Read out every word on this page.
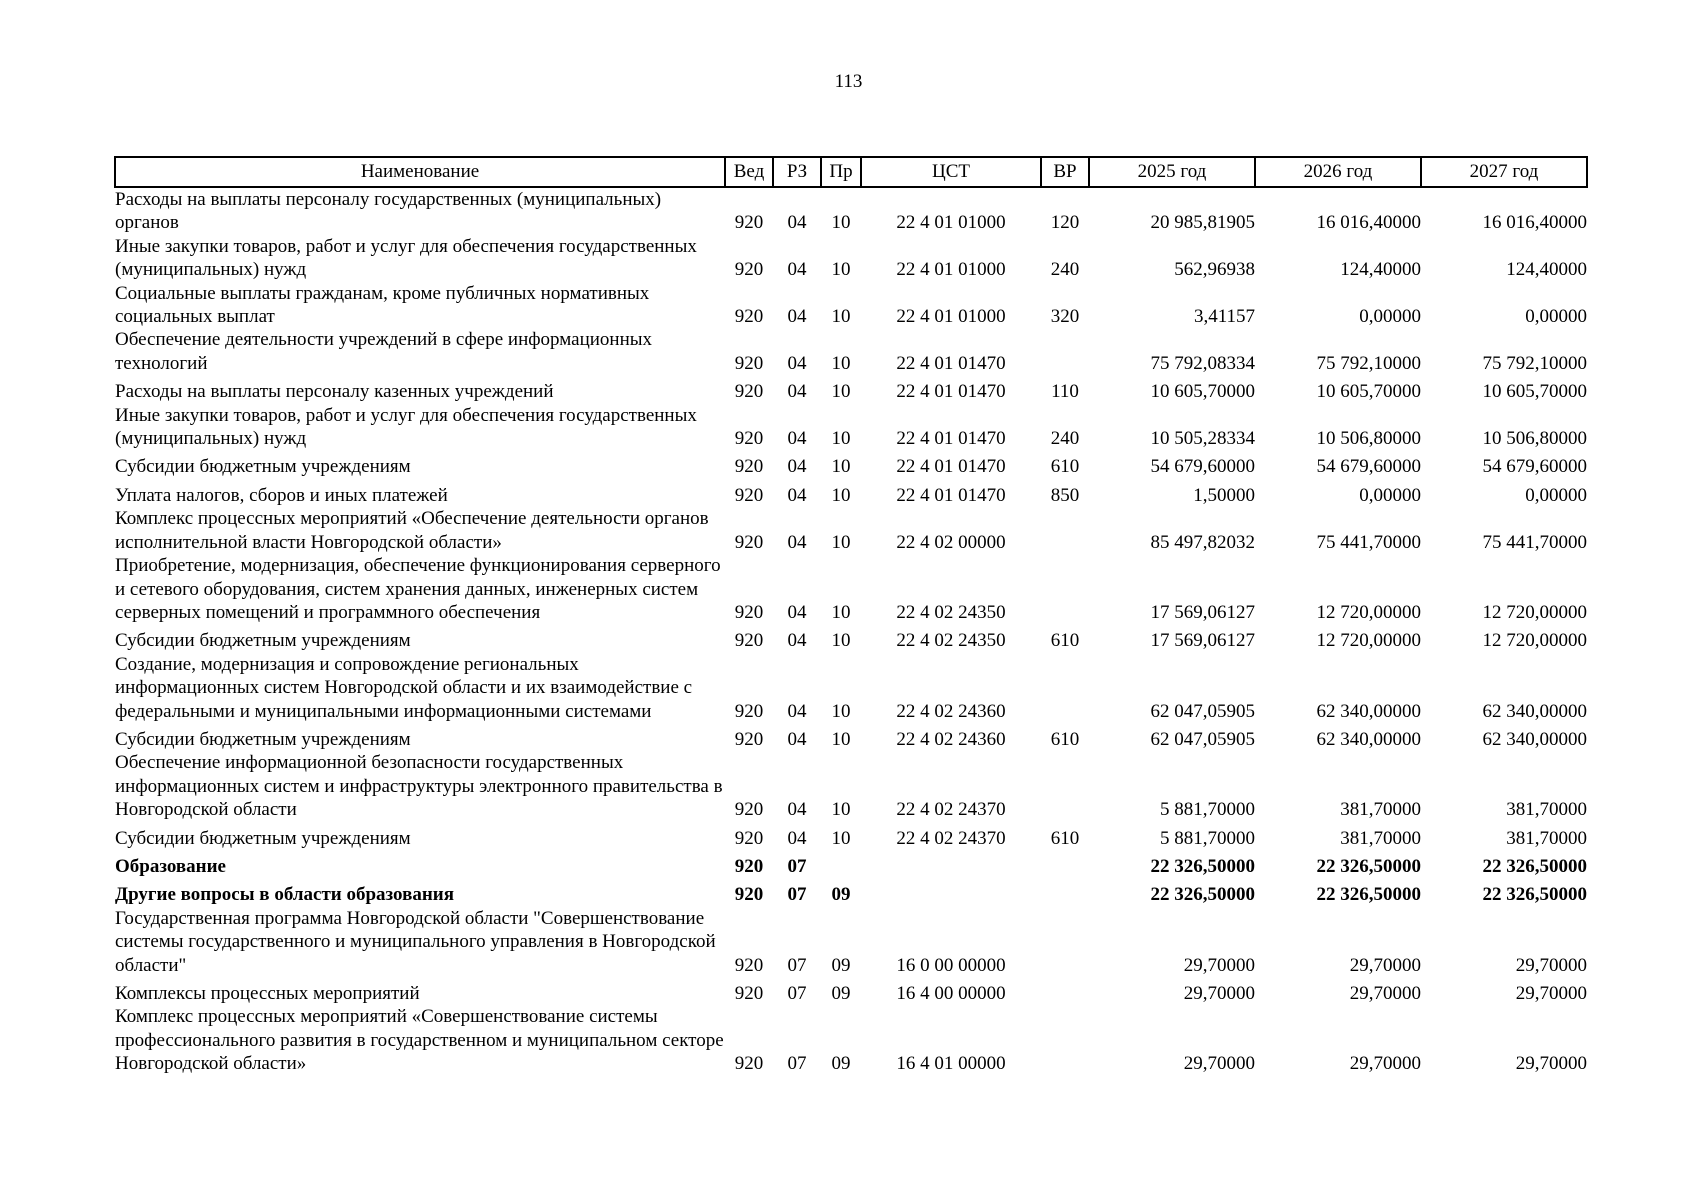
113
Наименование	Вед	РЗ	Пр	ЦСТ	ВР	2025 год	2026 год	2027 год
Расходы на выплаты персоналу государственных (муниципальных) органов	920	04	10	22 4 01 01000	120	20 985,81905	16 016,40000	16 016,40000
Иные закупки товаров, работ и услуг для обеспечения государственных (муниципальных) нужд	920	04	10	22 4 01 01000	240	562,96938	124,40000	124,40000
Социальные выплаты гражданам, кроме публичных нормативных социальных выплат	920	04	10	22 4 01 01000	320	3,41157	0,00000	0,00000
Обеспечение деятельности учреждений в сфере информационных технологий	920	04	10	22 4 01 01470		75 792,08334	75 792,10000	75 792,10000
Расходы на выплаты персоналу казенных учреждений	920	04	10	22 4 01 01470	110	10 605,70000	10 605,70000	10 605,70000
Иные закупки товаров, работ и услуг для обеспечения государственных (муниципальных) нужд	920	04	10	22 4 01 01470	240	10 505,28334	10 506,80000	10 506,80000
Субсидии бюджетным учреждениям	920	04	10	22 4 01 01470	610	54 679,60000	54 679,60000	54 679,60000
Уплата налогов, сборов и иных платежей	920	04	10	22 4 01 01470	850	1,50000	0,00000	0,00000
Комплекс процессных мероприятий «Обеспечение деятельности органов исполнительной власти Новгородской области»	920	04	10	22 4 02 00000		85 497,82032	75 441,70000	75 441,70000
Приобретение, модернизация, обеспечение функционирования серверного и сетевого оборудования, систем хранения данных, инженерных систем серверных помещений и программного обеспечения	920	04	10	22 4 02 24350		17 569,06127	12 720,00000	12 720,00000
Субсидии бюджетным учреждениям	920	04	10	22 4 02 24350	610	17 569,06127	12 720,00000	12 720,00000
Создание, модернизация и сопровождение региональных информационных систем Новгородской области и их взаимодействие с федеральными и муниципальными информационными системами	920	04	10	22 4 02 24360		62 047,05905	62 340,00000	62 340,00000
Субсидии бюджетным учреждениям	920	04	10	22 4 02 24360	610	62 047,05905	62 340,00000	62 340,00000
Обеспечение информационной безопасности государственных информационных систем и инфраструктуры электронного правительства в Новгородской области	920	04	10	22 4 02 24370		5 881,70000	381,70000	381,70000
Субсидии бюджетным учреждениям	920	04	10	22 4 02 24370	610	5 881,70000	381,70000	381,70000
Образование	920	07				22 326,50000	22 326,50000	22 326,50000
Другие вопросы в области образования	920	07	09			22 326,50000	22 326,50000	22 326,50000
Государственная программа Новгородской области "Совершенствование системы государственного и муниципального управления в Новгородской области"	920	07	09	16 0 00 00000		29,70000	29,70000	29,70000
Комплексы процессных мероприятий	920	07	09	16 4 00 00000		29,70000	29,70000	29,70000
Комплекс процессных мероприятий «Совершенствование системы профессионального развития в государственном и муниципальном секторе Новгородской области»	920	07	09	16 4 01 00000		29,70000	29,70000	29,70000
